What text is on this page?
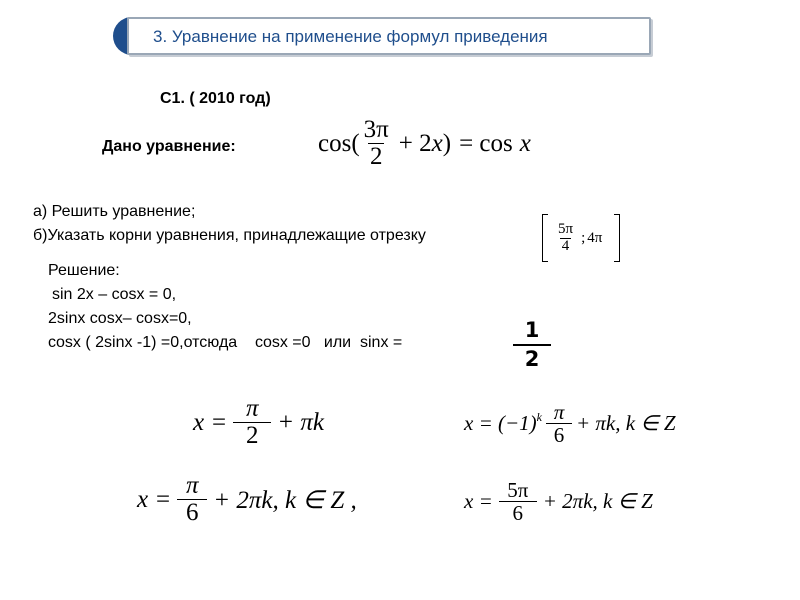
3. Уравнение на применение формул приведения
С1. ( 2010 год)
Дано уравнение:	cos ( $\frac{3\pi}{2} + 2$ x ) = cos x
а) Решить уравнение;
б)Указать корни уравнения, принадлежащие отрезку	$\frac{5\pi}{4}$ ; 4π
Решение:
sin 2x – cosx = 0,
2sinx cosx– cosx=0,
cosx ( 2sinx -1) =0,отсюда    cosx =0   или  sinx =
1
2
$x = \frac{\pi}{2} + \pi k$	$x = (-1)^k \frac{\pi}{6} + \pi k$, k ∈ Z
$x = \frac{\pi}{6} + 2\pi k$, k ∈ Z ,	$x = \frac{5\pi}{6} + 2\pi k$, k ∈ Z
